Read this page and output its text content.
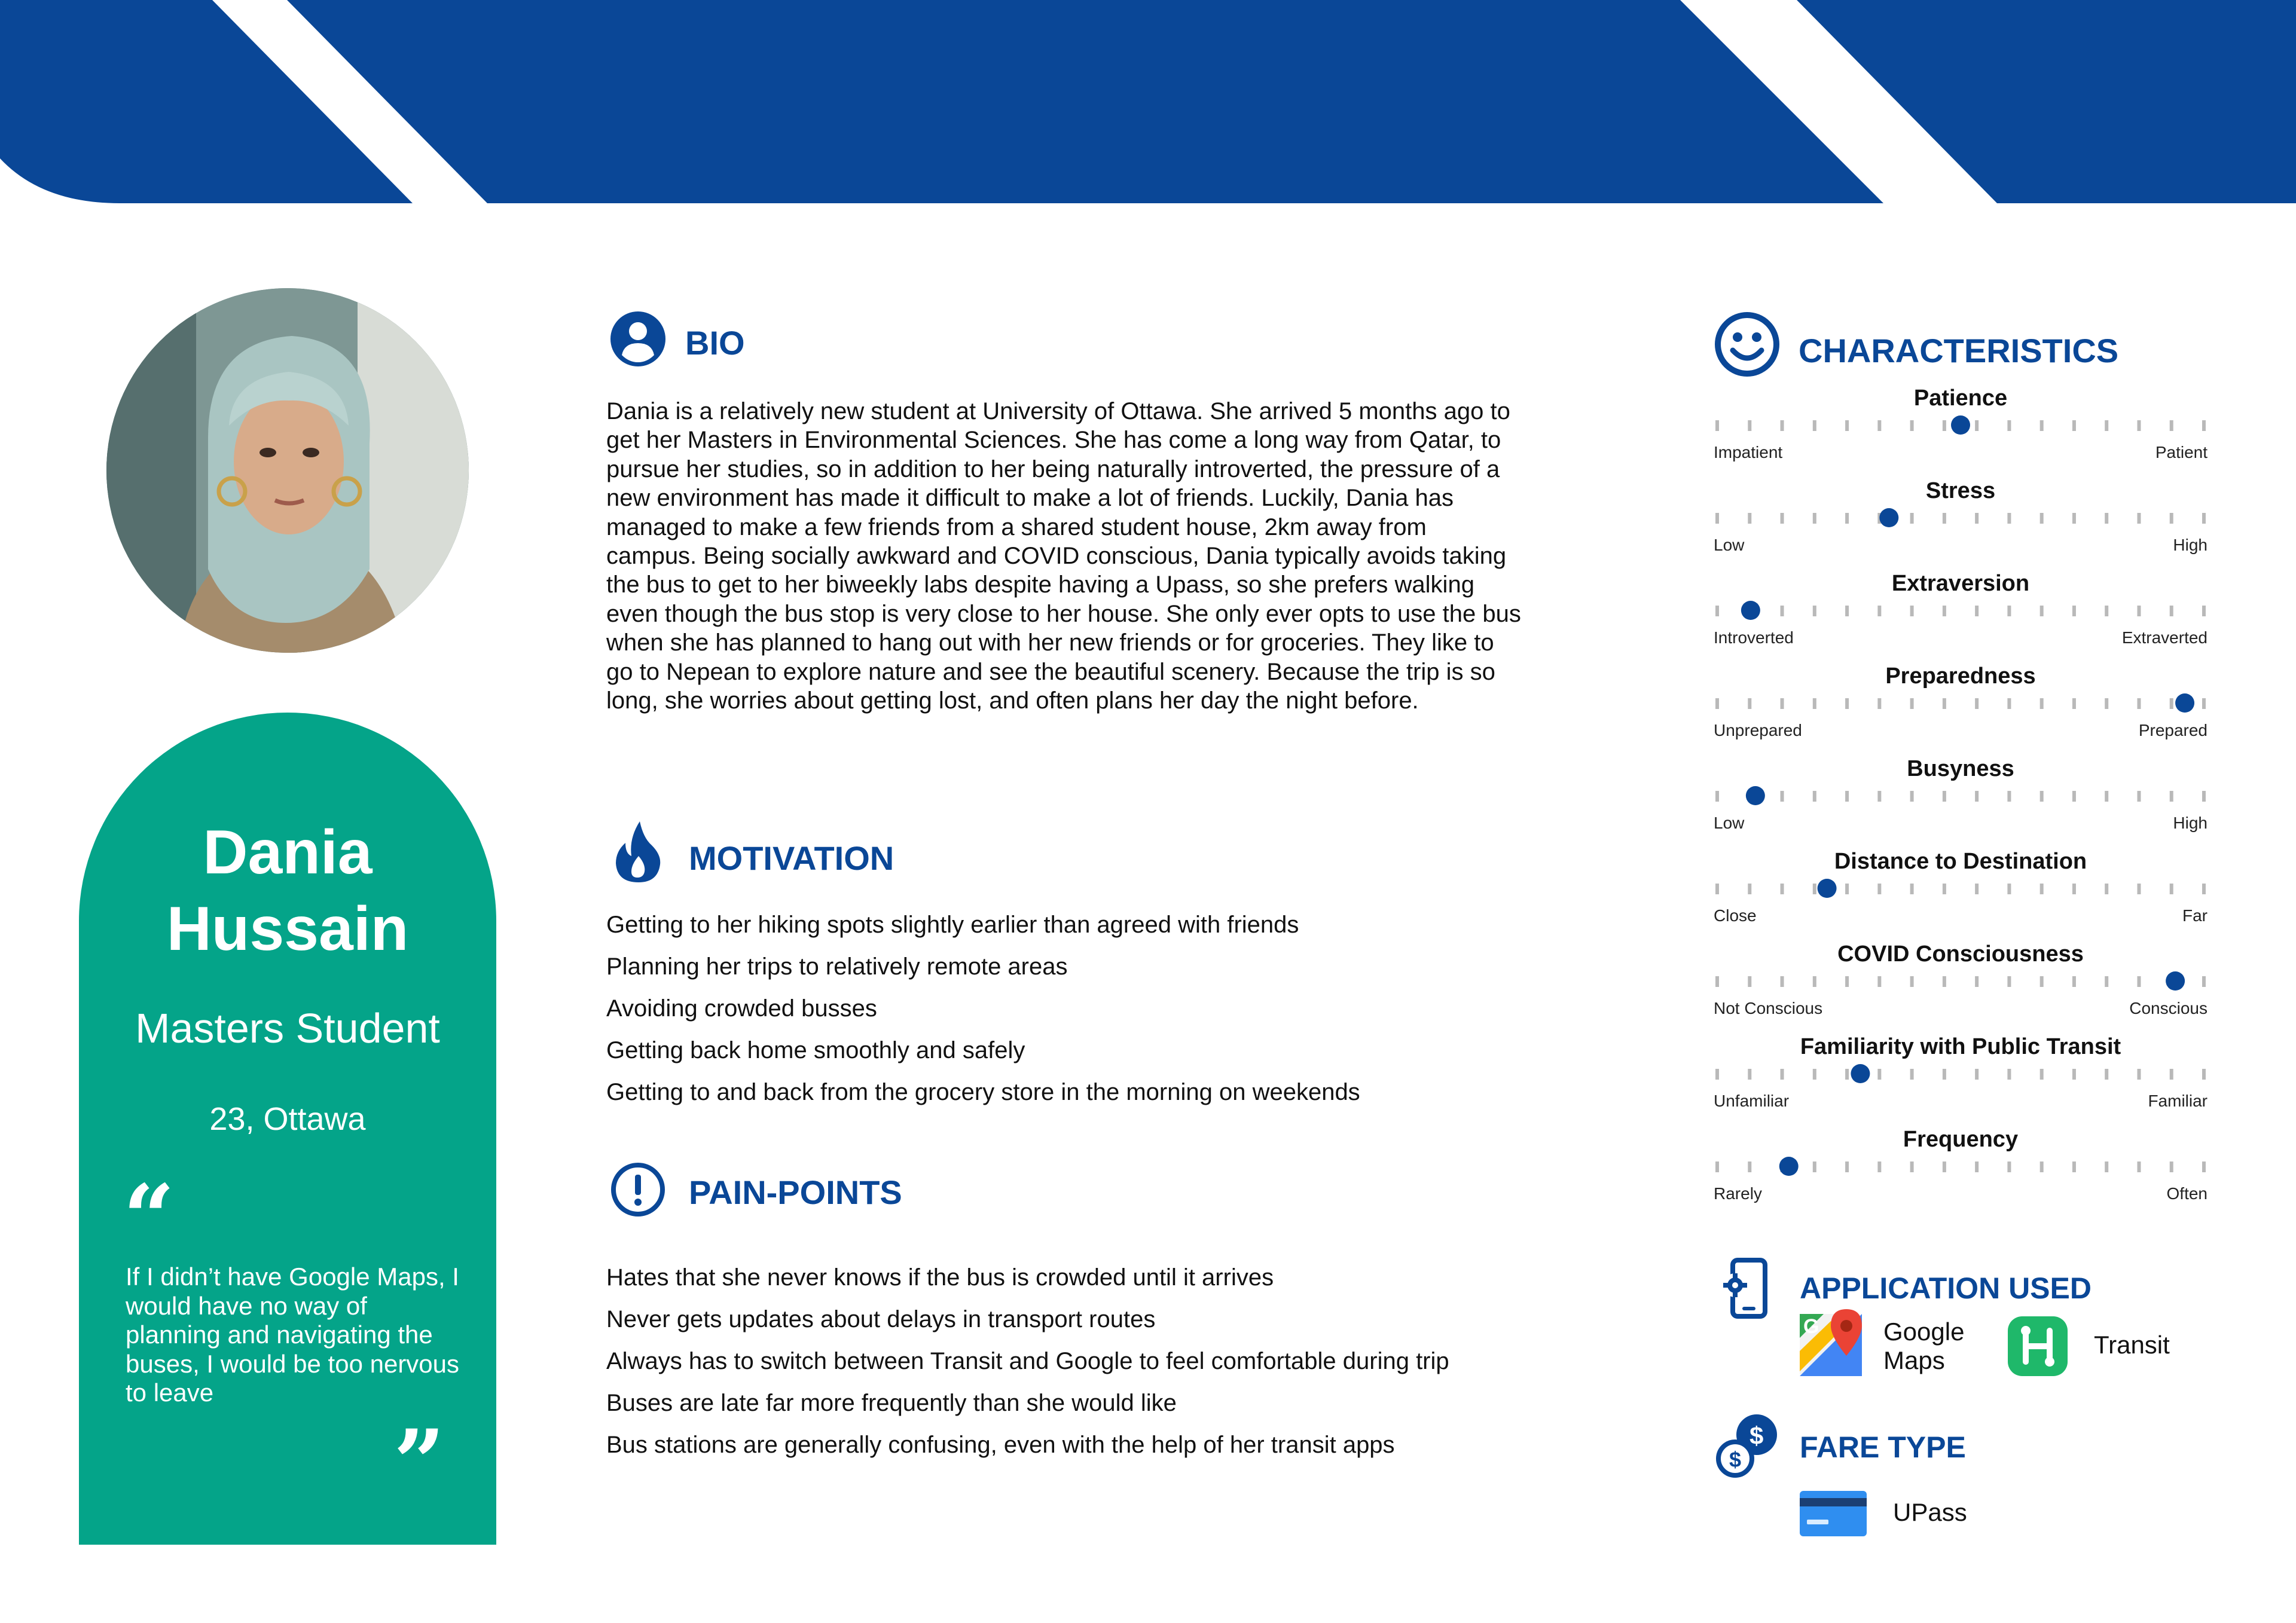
Dania
Hussain
Masters Student
23, Ottawa
“
If I didn’t have Google Maps, I would have no way of planning and navigating the buses, I would be too nervous to leave
”
BIO
Dania is a relatively new student at University of Ottawa. She arrived 5 months ago to get her Masters in Environmental Sciences. She has come a long way from Qatar, to pursue her studies, so in addition to her being naturally introverted, the pressure of a new environment has made it difficult to make a lot of friends. Luckily, Dania has managed to make a few friends from a shared student house, 2km away from campus. Being socially awkward and COVID conscious, Dania typically avoids taking the bus to get to her biweekly labs despite having a Upass, so she prefers walking even though the bus stop is very close to her house. She only ever opts to use the bus when she has planned to hang out with her new friends or for groceries. They like to go to Nepean to explore nature and see the beautiful scenery. Because the trip is so long, she worries about getting lost, and often plans her day the night before.
MOTIVATION
Getting to her hiking spots slightly earlier than agreed with friends
Planning her trips to relatively remote areas
Avoiding crowded busses
Getting back home smoothly and safely
Getting to and back from the grocery store in the morning on weekends
PAIN-POINTS
Hates that she never knows if the bus is crowded until it arrives
Never gets updates about delays in transport routes
Always has to switch between Transit and Google to feel comfortable during trip
Buses are late far more frequently than she would like
Bus stations are generally confusing, even with the help of her transit apps
CHARACTERISTICS
Patience
Impatient	Patient
Stress
Low	High
Extraversion
Introverted	Extraverted
Preparedness
Unprepared	Prepared
Busyness
Low	High
Distance to Destination
Close	Far
COVID Consciousness
Not Conscious	Conscious
Familiarity with Public Transit
Unfamiliar	Familiar
Frequency
Rarely	Often
APPLICATION USED
G	Google Maps
Transit
$
$ FARE TYPE
UPass
